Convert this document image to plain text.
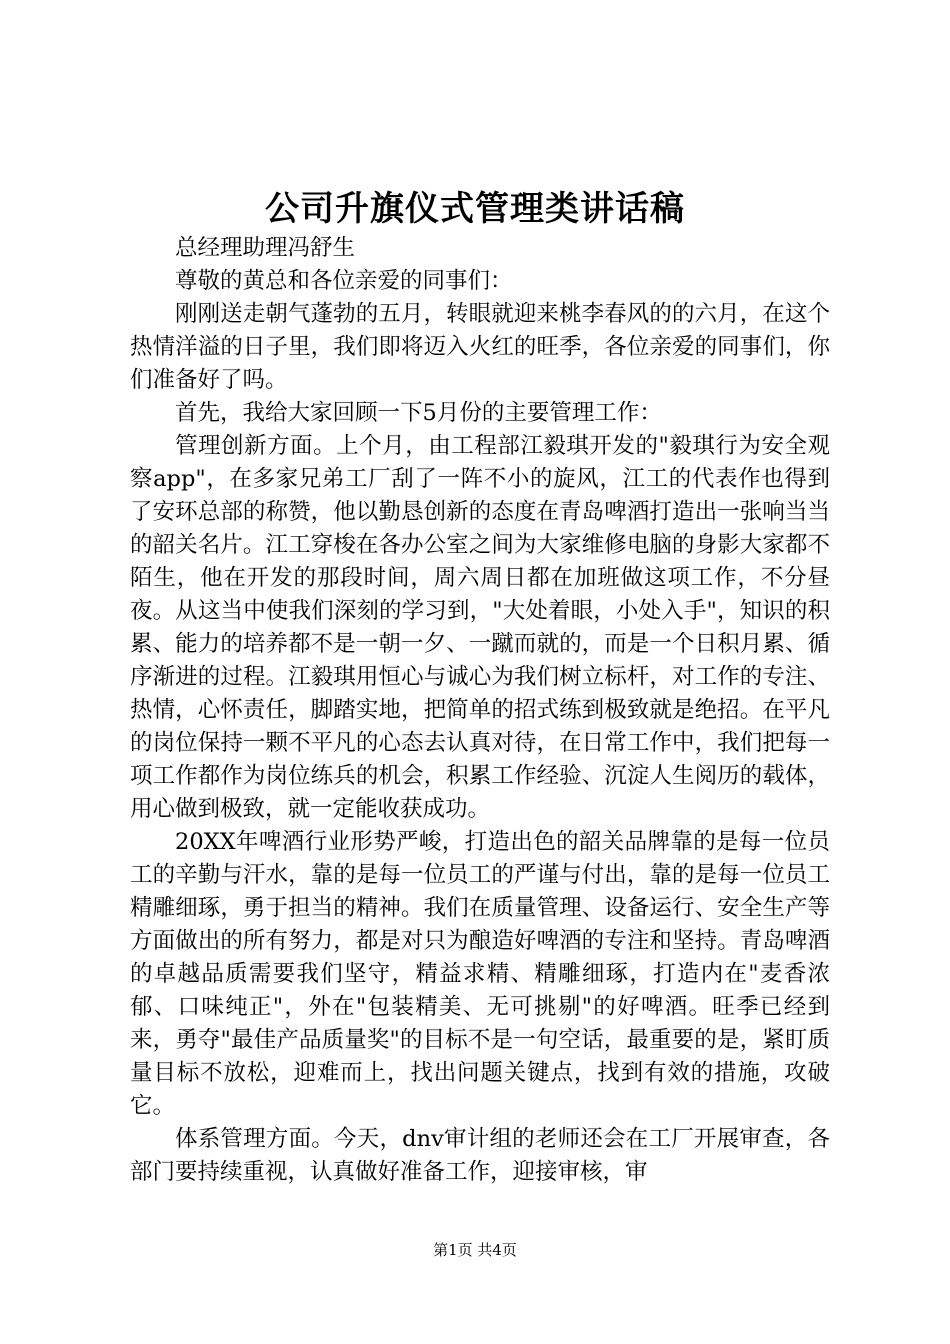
公司升旗仪式管理类讲话稿

总经理助理冯舒生

尊敬的黄总和各位亲爱的同事们：

刚刚送走朝气蓬勃的五月，转眼就迎来桃李春风的的六月，在这个热情洋溢的日子里，我们即将迈入火红的旺季，各位亲爱的同事们，你们准备好了吗。

首先，我给大家回顾一下5月份的主要管理工作：

管理创新方面。上个月，由工程部江毅琪开发的"毅琪行为安全观察app"，在多家兄弟工厂刮了一阵不小的旋风，江工的代表作也得到了安环总部的称赞，他以勤恳创新的态度在青岛啤酒打造出一张响当当的韶关名片。江工穿梭在各办公室之间为大家维修电脑的身影大家都不陌生，他在开发的那段时间，周六周日都在加班做这项工作，不分昼夜。从这当中使我们深刻的学习到，"大处着眼，小处入手"，知识的积累、能力的培养都不是一朝一夕、一蹴而就的，而是一个日积月累、循序渐进的过程。江毅琪用恒心与诚心为我们树立标杆，对工作的专注、热情，心怀责任，脚踏实地，把简单的招式练到极致就是绝招。在平凡的岗位保持一颗不平凡的心态去认真对待，在日常工作中，我们把每一项工作都作为岗位练兵的机会，积累工作经验、沉淀人生阅历的载体，用心做到极致，就一定能收获成功。

20XX年啤酒行业形势严峻，打造出色的韶关品牌靠的是每一位员工的辛勤与汗水，靠的是每一位员工的严谨与付出，靠的是每一位员工精雕细琢，勇于担当的精神。我们在质量管理、设备运行、安全生产等方面做出的所有努力，都是对只为酿造好啤酒的专注和坚持。青岛啤酒的卓越品质需要我们坚守，精益求精、精雕细琢，打造内在"麦香浓郁、口味纯正"，外在"包装精美、无可挑剔"的好啤酒。旺季已经到来，勇夺"最佳产品质量奖"的目标不是一句空话，最重要的是，紧盯质量目标不放松，迎难而上，找出问题关键点，找到有效的措施，攻破它。

体系管理方面。今天，dnv审计组的老师还会在工厂开展审查，各部门要持续重视，认真做好准备工作，迎接审核，审

第1页 共4页
